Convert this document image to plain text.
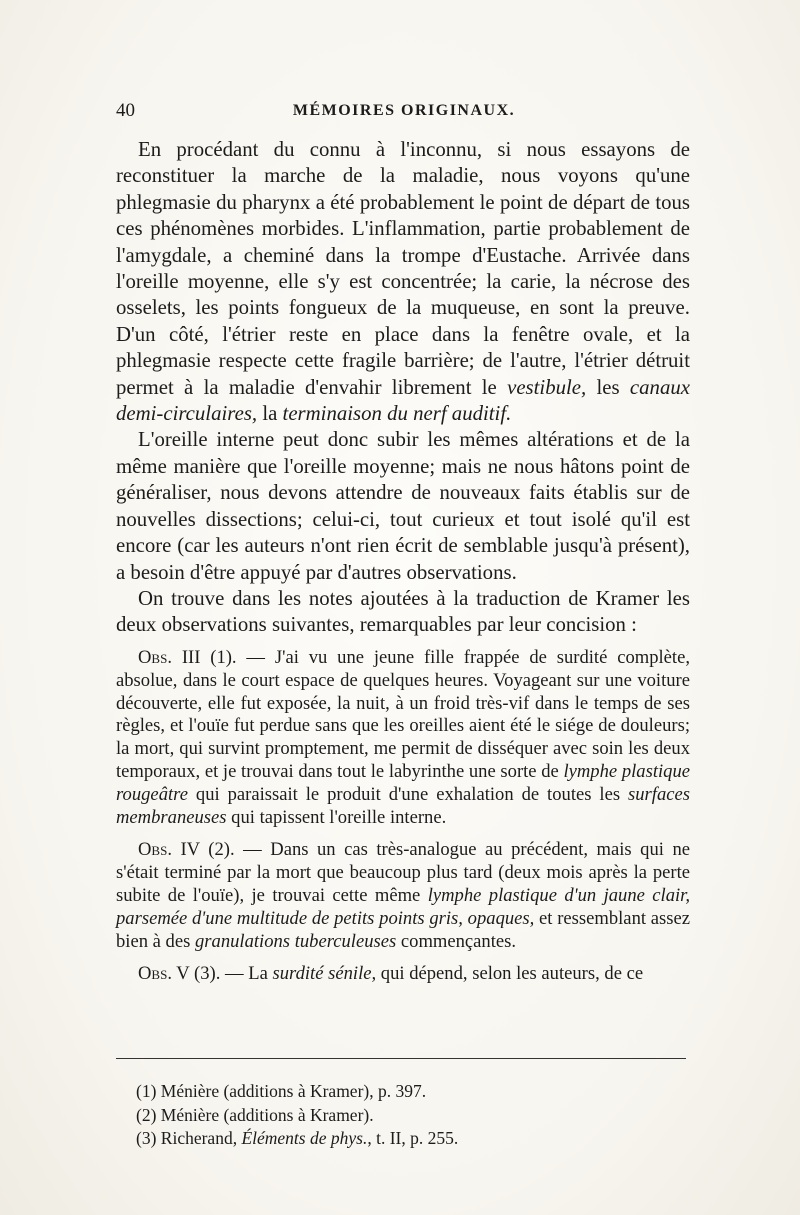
40	MÉMOIRES ORIGINAUX.

En procédant du connu à l'inconnu, si nous essayons de reconstituer la marche de la maladie, nous voyons qu'une phlegmasie du pharynx a été probablement le point de départ de tous ces phénomènes morbides. L'inflammation, partie probablement de l'amygdale, a cheminé dans la trompe d'Eustache. Arrivée dans l'oreille moyenne, elle s'y est concentrée; la carie, la nécrose des osselets, les points fongueux de la muqueuse, en sont la preuve. D'un côté, l'étrier reste en place dans la fenêtre ovale, et la phlegmasie respecte cette fragile barrière; de l'autre, l'étrier détruit permet à la maladie d'envahir librement le vestibule, les canaux demi-circulaires, la terminaison du nerf auditif.

L'oreille interne peut donc subir les mêmes altérations et de la même manière que l'oreille moyenne; mais ne nous hâtons point de généraliser, nous devons attendre de nouveaux faits établis sur de nouvelles dissections; celui-ci, tout curieux et tout isolé qu'il est encore (car les auteurs n'ont rien écrit de semblable jusqu'à présent), a besoin d'être appuyé par d'autres observations.

On trouve dans les notes ajoutées à la traduction de Kramer les deux observations suivantes, remarquables par leur concision :

Obs. III (1). — J'ai vu une jeune fille frappée de surdité complète, absolue, dans le court espace de quelques heures. Voyageant sur une voiture découverte, elle fut exposée, la nuit, à un froid très-vif dans le temps de ses règles, et l'ouïe fut perdue sans que les oreilles aient été le siége de douleurs; la mort, qui survint promptement, me permit de disséquer avec soin les deux temporaux, et je trouvai dans tout le labyrinthe une sorte de lymphe plastique rougeâtre qui paraissait le produit d'une exhalation de toutes les surfaces membraneuses qui tapissent l'oreille interne.

Obs. IV (2). — Dans un cas très-analogue au précédent, mais qui ne s'était terminé par la mort que beaucoup plus tard (deux mois après la perte subite de l'ouïe), je trouvai cette même lymphe plastique d'un jaune clair, parsemée d'une multitude de petits points gris, opaques, et ressemblant assez bien à des granulations tuberculeuses commençantes.

Obs. V (3). — La surdité sénile, qui dépend, selon les auteurs, de ce

(1) Ménière (additions à Kramer), p. 397.
(2) Ménière (additions à Kramer).
(3) Richerand, Éléments de phys., t. II, p. 255.
